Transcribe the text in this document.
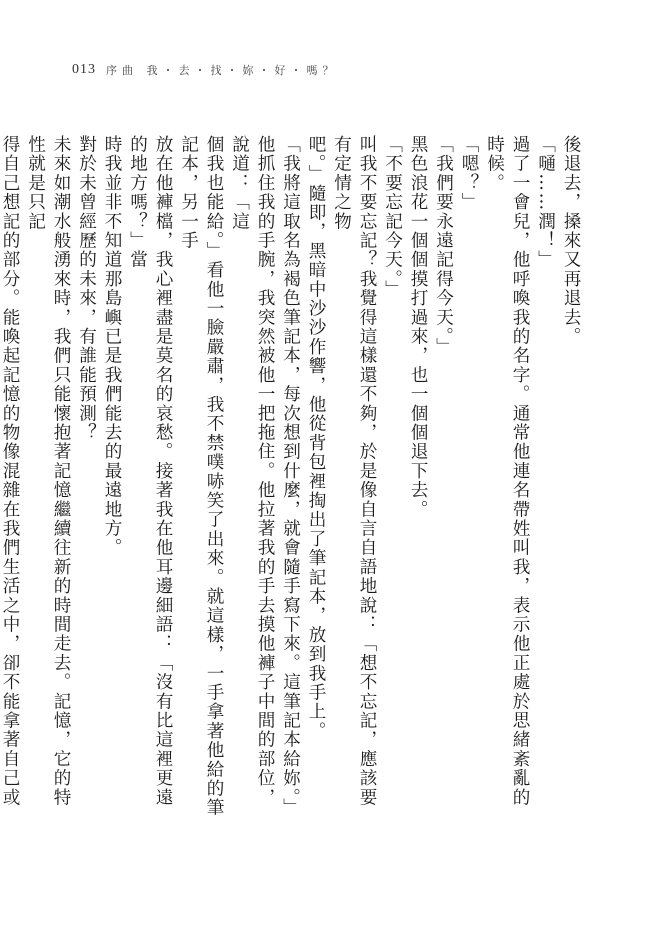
013 序曲 我・去・找・妳・好・嗎？

後退去，搡來又再退去。

「嗵……潤！」

過了一會兒，他呼喚我的名字。通常他連名帶姓叫我，表示他正處於思緒紊亂的時候。

「嗯？」

「我們要永遠記得今天。」

黑色浪花一個個摸打過來，也一個個退下去。

「不要忘記今天。」

叫我不要忘記？我覺得這樣還不夠，於是像自言自語地說：「想不忘記，應該要有定情之物

吧。」隨即，黑暗中沙沙作響，他從背包裡掏出了筆記本，放到我手上。

「我將這取名為褐色筆記本，每次想到什麼，就會隨手寫下來。這筆記本給妳。」

他抓住我的手腕，我突然被他一把拖住。他拉著我的手去摸他褲子中間的部位，說道：「這

個我也能給。」看他一臉嚴肅，我不禁噗哧笑了出來。就這樣，一手拿著他給的筆記本，另一手

放在他褲檔，我心裡盡是莫名的哀愁。接著我在他耳邊細語：「沒有比這裡更遠的地方嗎？」當

時我並非不知道那島嶼已是我們能去的最遠地方。

對於未曾經歷的未來，有誰能預測？

未來如潮水般湧來時，我們只能懷抱著記憶繼續往新的時間走去。記憶，它的特性就是只記

得自己想記的部分。能喚起記憶的物像混雜在我們生活之中，卻不能拿著自己或
